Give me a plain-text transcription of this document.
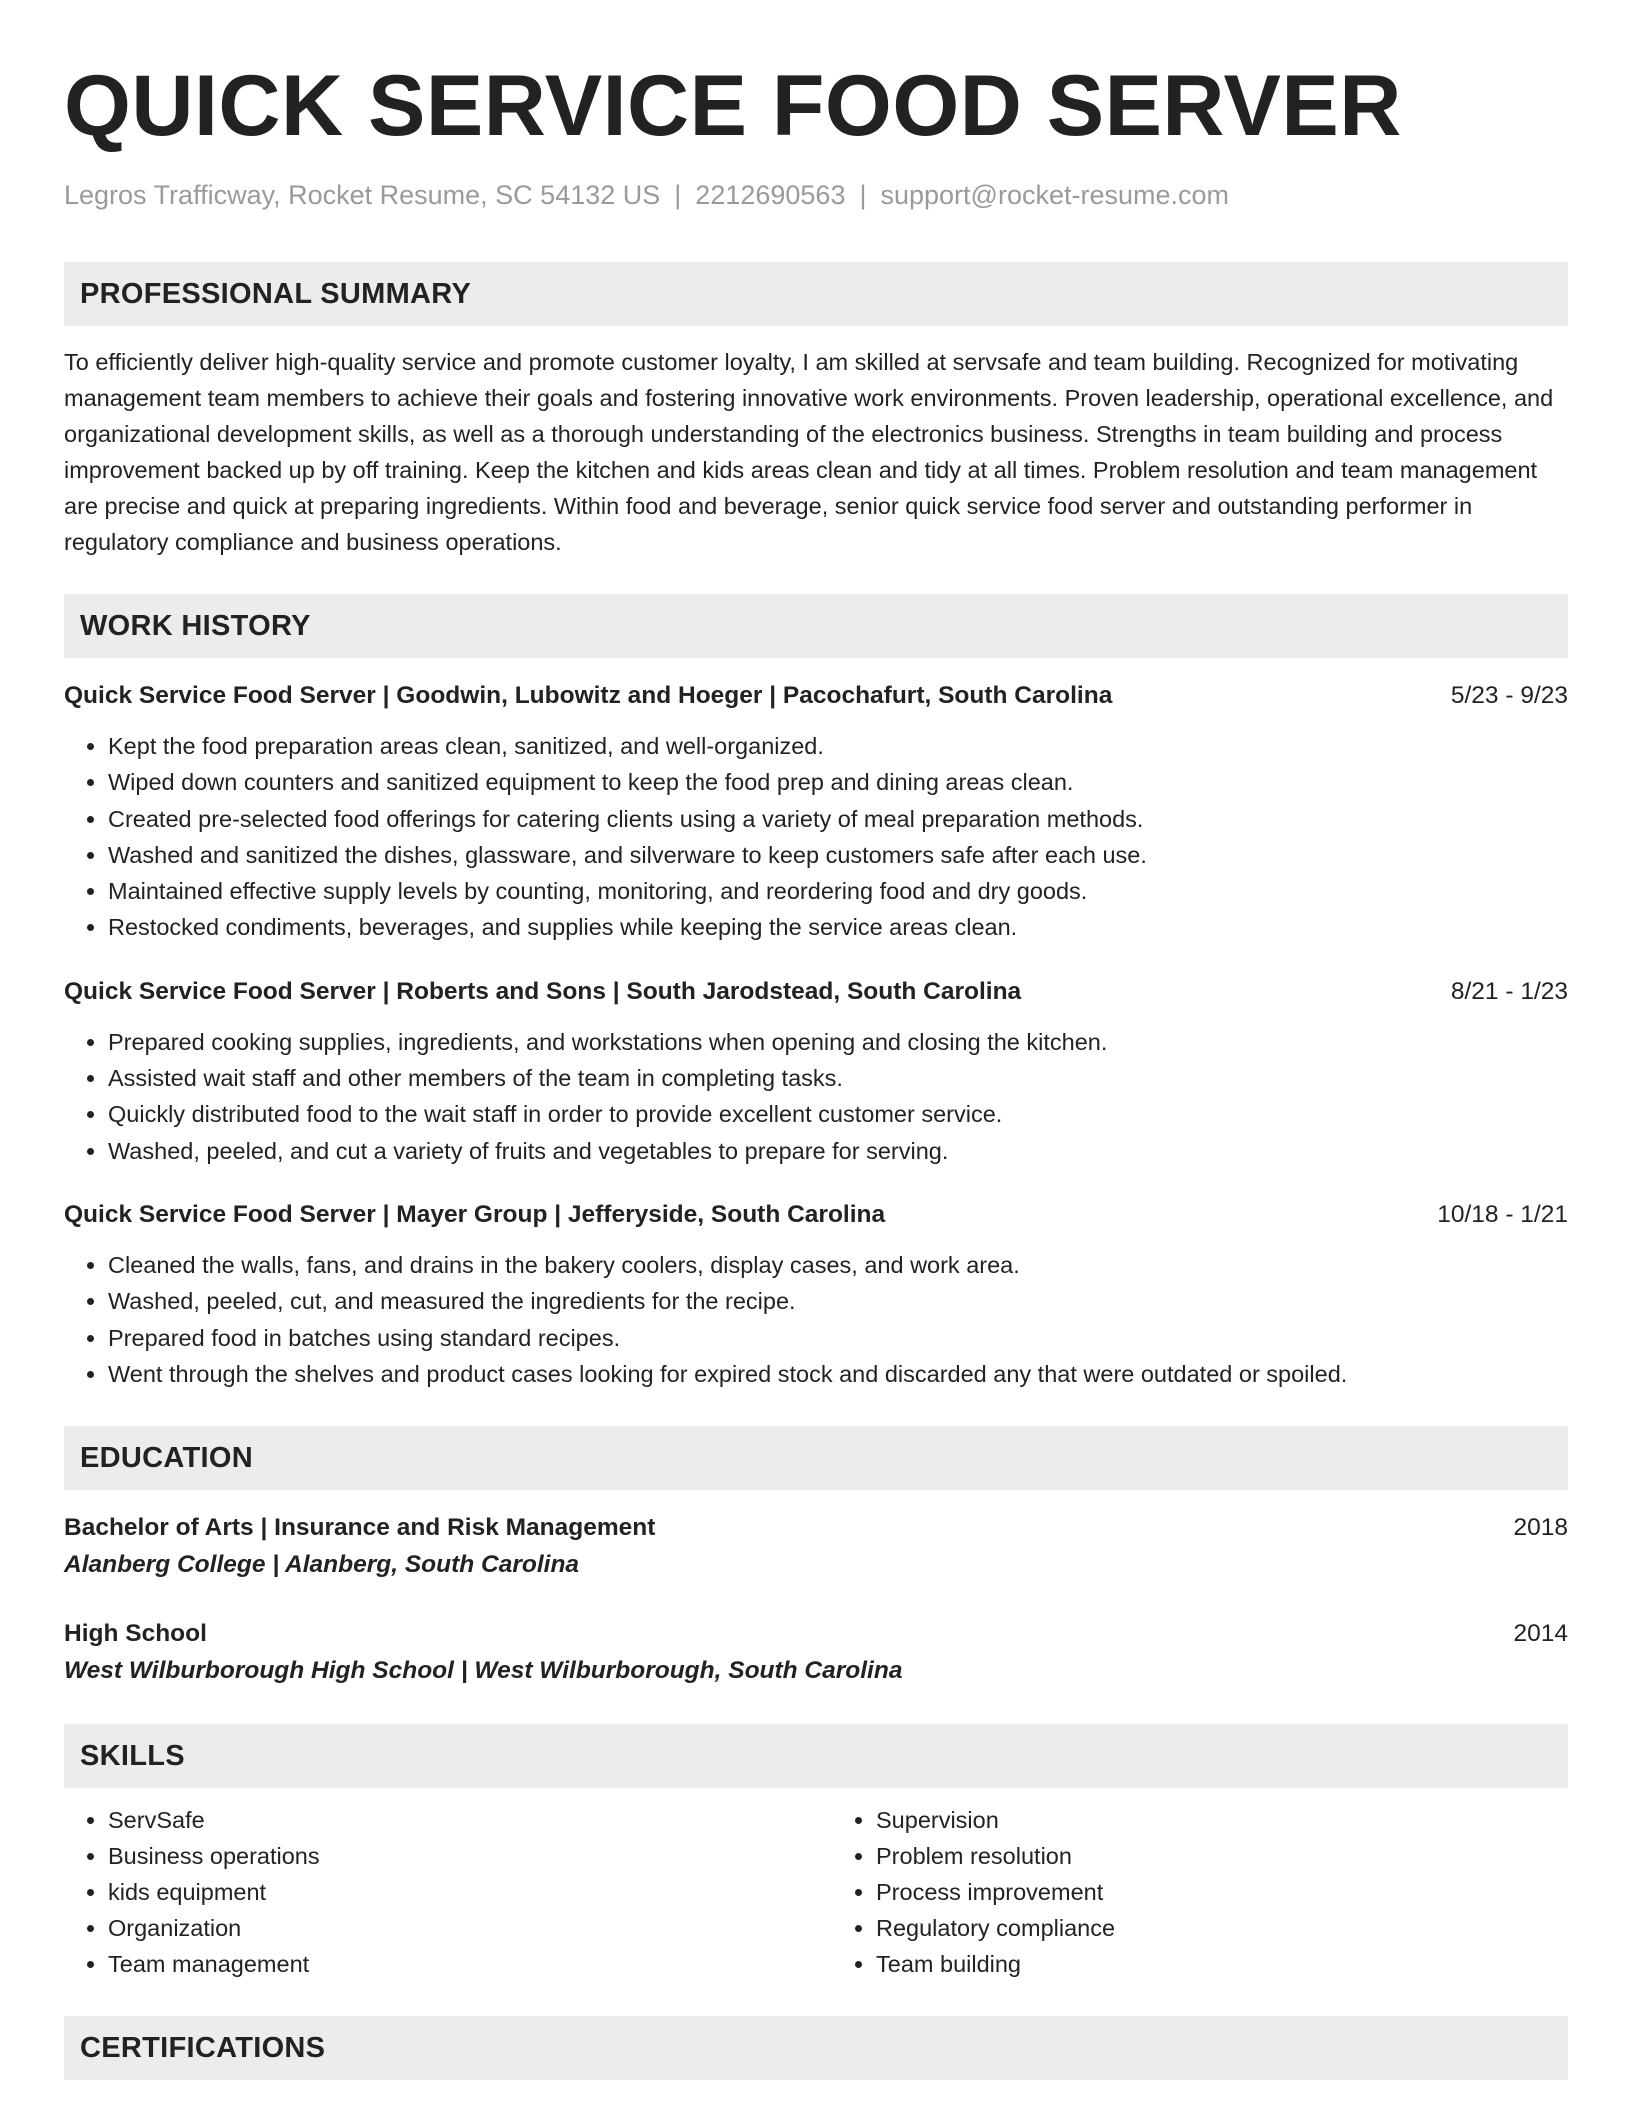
QUICK SERVICE FOOD SERVER
Legros Trafficway, Rocket Resume, SC 54132 US | 2212690563 | support@rocket-resume.com
PROFESSIONAL SUMMARY

To efficiently deliver high-quality service and promote customer loyalty, I am skilled at servsafe and team building. Recognized for motivating management team members to achieve their goals and fostering innovative work environments. Proven leadership, operational excellence, and organizational development skills, as well as a thorough understanding of the electronics business. Strengths in team building and process improvement backed up by off training. Keep the kitchen and kids areas clean and tidy at all times. Problem resolution and team management are precise and quick at preparing ingredients. Within food and beverage, senior quick service food server and outstanding performer in regulatory compliance and business operations.

WORK HISTORY
Quick Service Food Server | Goodwin, Lubowitz and Hoeger | Pacochafurt, South Carolina	5/23 - 9/23
• Kept the food preparation areas clean, sanitized, and well-organized.
• Wiped down counters and sanitized equipment to keep the food prep and dining areas clean.
• Created pre-selected food offerings for catering clients using a variety of meal preparation methods.
• Washed and sanitized the dishes, glassware, and silverware to keep customers safe after each use.
• Maintained effective supply levels by counting, monitoring, and reordering food and dry goods.
• Restocked condiments, beverages, and supplies while keeping the service areas clean.
Quick Service Food Server | Roberts and Sons | South Jarodstead, South Carolina	8/21 - 1/23
• Prepared cooking supplies, ingredients, and workstations when opening and closing the kitchen.
• Assisted wait staff and other members of the team in completing tasks.
• Quickly distributed food to the wait staff in order to provide excellent customer service.
• Washed, peeled, and cut a variety of fruits and vegetables to prepare for serving.
Quick Service Food Server | Mayer Group | Jefferyside, South Carolina	10/18 - 1/21
• Cleaned the walls, fans, and drains in the bakery coolers, display cases, and work area.
• Washed, peeled, cut, and measured the ingredients for the recipe.
• Prepared food in batches using standard recipes.
• Went through the shelves and product cases looking for expired stock and discarded any that were outdated or spoiled.
EDUCATION
Bachelor of Arts | Insurance and Risk Management	2018
Alanberg College | Alanberg, South Carolina
High School	2014
West Wilburborough High School | West Wilburborough, South Carolina
SKILLS
• ServSafe
• Business operations
• kids equipment
• Organization
• Team management
• Supervision
• Problem resolution
• Process improvement
• Regulatory compliance
• Team building
CERTIFICATIONS
